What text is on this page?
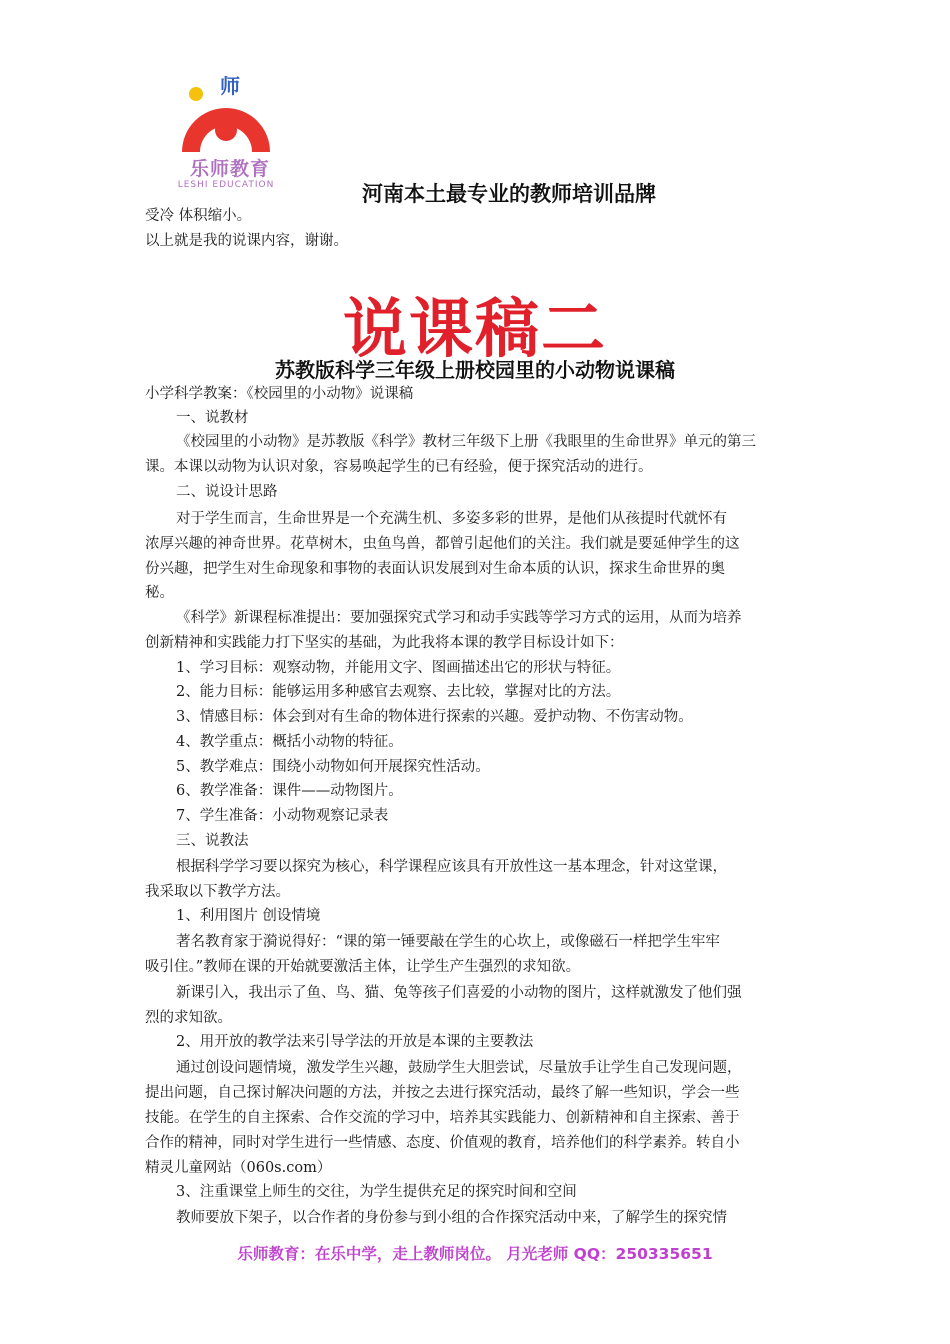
师
乐师教育
LESHI EDUCATION	河南本土最专业的教师培训品牌
受冷 体积缩小。
以上就是我的说课内容，谢谢。
说课稿二
苏教版科学三年级上册校园里的小动物说课稿
小学科学教案：《校园里的小动物》说课稿
一、说教材
《校园里的小动物》是苏教版《科学》教材三年级下上册《我眼里的生命世界》单元的第三
课。本课以动物为认识对象，容易唤起学生的已有经验，便于探究活动的进行。
二、说设计思路
对于学生而言，生命世界是一个充满生机、多姿多彩的世界，是他们从孩提时代就怀有
浓厚兴趣的神奇世界。花草树木，虫鱼鸟兽，都曾引起他们的关注。我们就是要延伸学生的这
份兴趣，把学生对生命现象和事物的表面认识发展到对生命本质的认识，探求生命世界的奥
秘。
《科学》新课程标准提出：要加强探究式学习和动手实践等学习方式的运用，从而为培养
创新精神和实践能力打下坚实的基础，为此我将本课的教学目标设计如下：
1、学习目标：观察动物，并能用文字、图画描述出它的形状与特征。
2、能力目标：能够运用多种感官去观察、去比较，掌握对比的方法。
3、情感目标：体会到对有生命的物体进行探索的兴趣。爱护动物、不伤害动物。
4、教学重点：概括小动物的特征。
5、教学难点：围绕小动物如何开展探究性活动。
6、教学准备：课件——动物图片。
7、学生准备：小动物观察记录表
三、说教法
根据科学学习要以探究为核心，科学课程应该具有开放性这一基本理念，针对这堂课，
我采取以下教学方法。
1、利用图片 创设情境
著名教育家于漪说得好：“课的第一锤要敲在学生的心坎上，或像磁石一样把学生牢牢
吸引住。”教师在课的开始就要激活主体，让学生产生强烈的求知欲。
新课引入，我出示了鱼、鸟、猫、兔等孩子们喜爱的小动物的图片，这样就激发了他们强
烈的求知欲。
2、用开放的教学法来引导学法的开放是本课的主要教法
通过创设问题情境，激发学生兴趣，鼓励学生大胆尝试，尽量放手让学生自己发现问题，
提出问题，自己探讨解决问题的方法，并按之去进行探究活动，最终了解一些知识，学会一些
技能。在学生的自主探索、合作交流的学习中，培养其实践能力、创新精神和自主探索、善于
合作的精神，同时对学生进行一些情感、态度、价值观的教育，培养他们的科学素养。转自小
精灵儿童网站（060s.com）
3、注重课堂上师生的交往，为学生提供充足的探究时间和空间
教师要放下架子，以合作者的身份参与到小组的合作探究活动中来，了解学生的探究情
乐师教育：在乐中学，走上教师岗位。 月光老师 QQ：250335651
